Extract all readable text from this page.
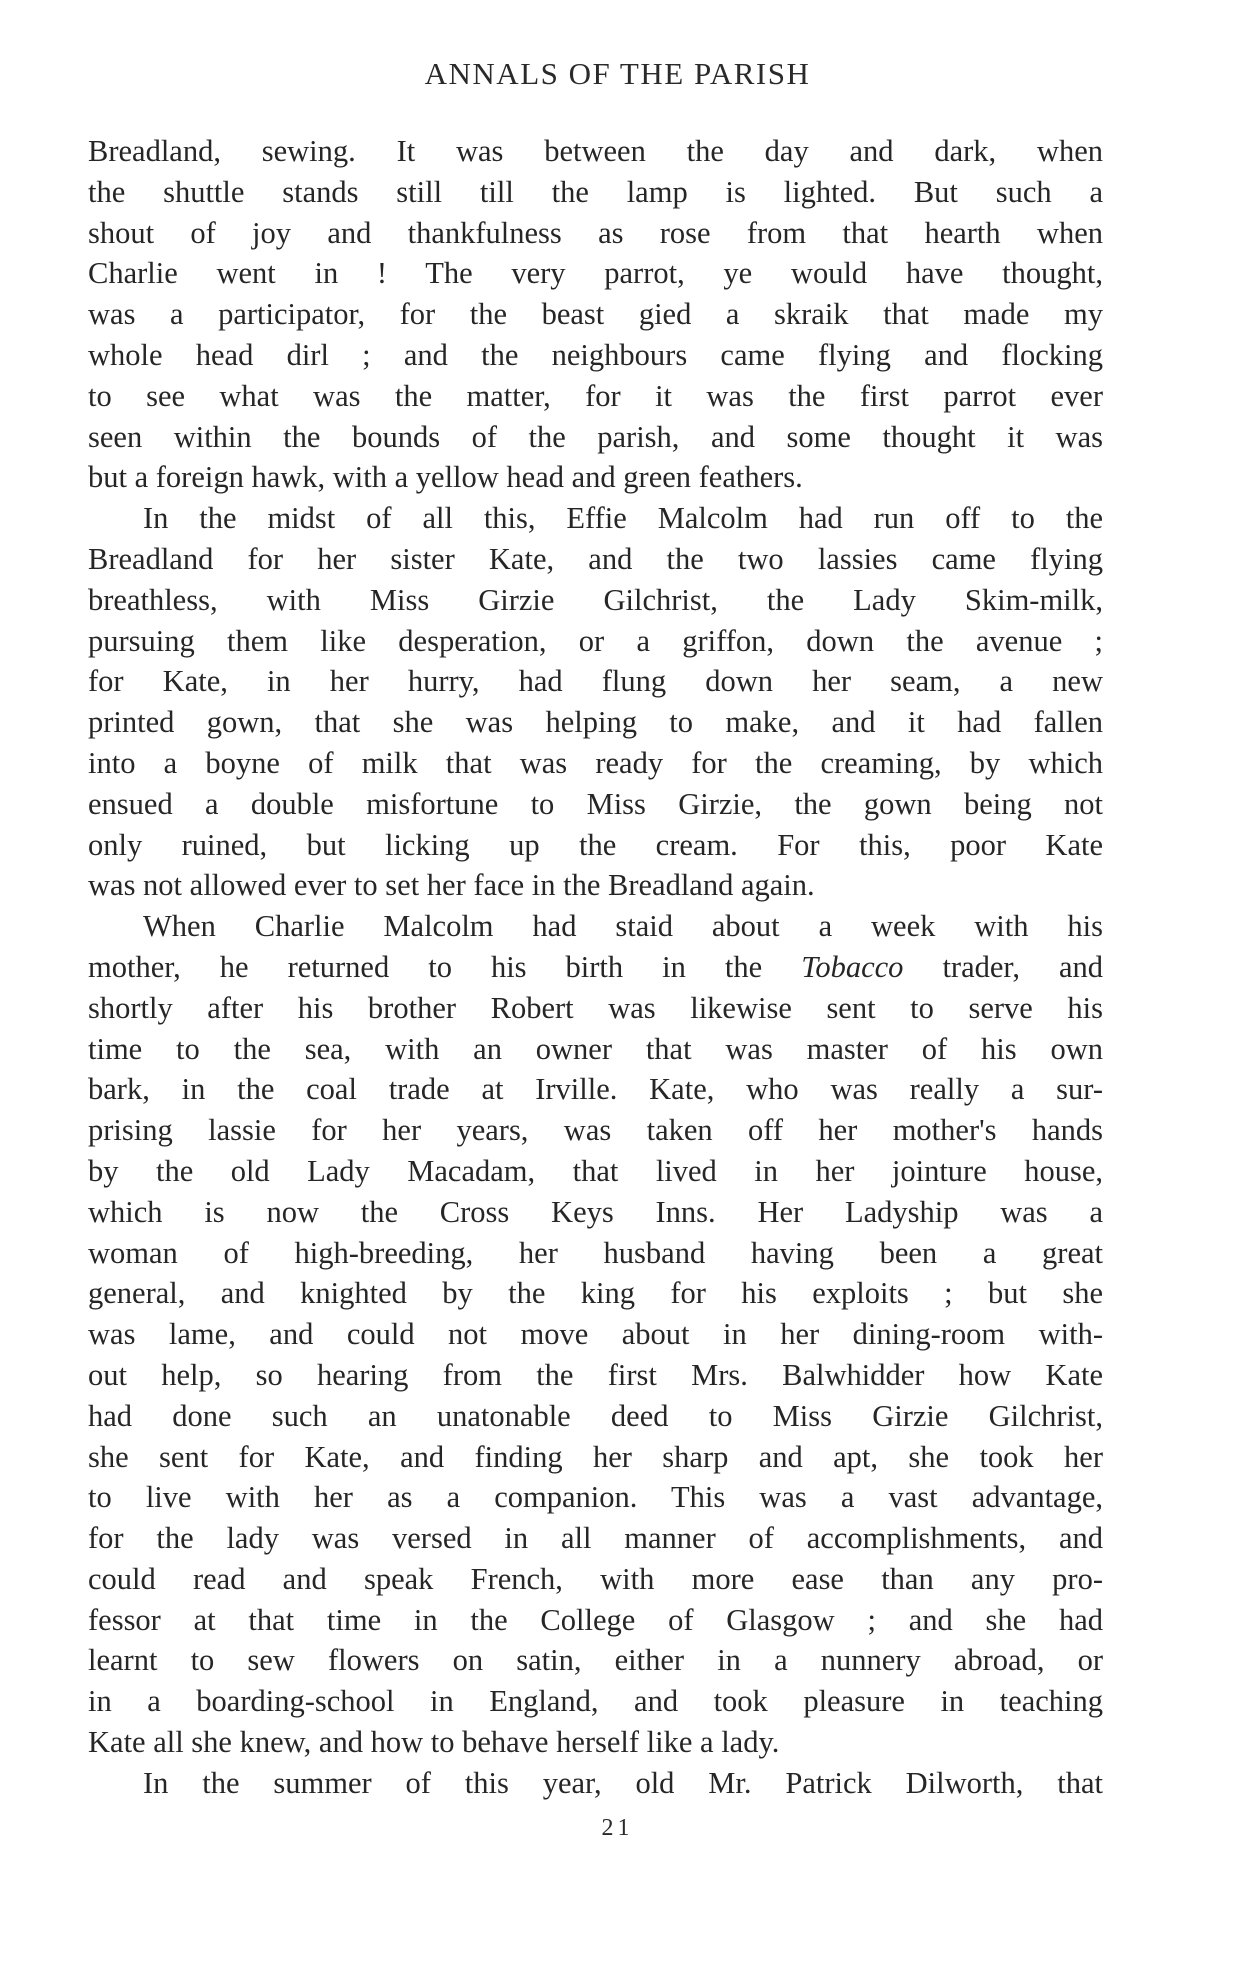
ANNALS OF THE PARISH
Breadland, sewing. It was between the day and dark, when
the shuttle stands still till the lamp is lighted. But such a
shout of joy and thankfulness as rose from that hearth when
Charlie went in ! The very parrot, ye would have thought,
was a participator, for the beast gied a skraik that made my
whole head dirl ; and the neighbours came flying and flocking
to see what was the matter, for it was the first parrot ever
seen within the bounds of the parish, and some thought it was
but a foreign hawk, with a yellow head and green feathers.
In the midst of all this, Effie Malcolm had run off to the
Breadland for her sister Kate, and the two lassies came flying
breathless, with Miss Girzie Gilchrist, the Lady Skim-milk,
pursuing them like desperation, or a griffon, down the avenue ;
for Kate, in her hurry, had flung down her seam, a new
printed gown, that she was helping to make, and it had fallen
into a boyne of milk that was ready for the creaming, by which
ensued a double misfortune to Miss Girzie, the gown being not
only ruined, but licking up the cream. For this, poor Kate
was not allowed ever to set her face in the Breadland again.
When Charlie Malcolm had staid about a week with his
mother, he returned to his birth in the Tobacco trader, and
shortly after his brother Robert was likewise sent to serve his
time to the sea, with an owner that was master of his own
bark, in the coal trade at Irville. Kate, who was really a sur-
prising lassie for her years, was taken off her mother's hands
by the old Lady Macadam, that lived in her jointure house,
which is now the Cross Keys Inns. Her Ladyship was a
woman of high-breeding, her husband having been a great
general, and knighted by the king for his exploits ; but she
was lame, and could not move about in her dining-room with-
out help, so hearing from the first Mrs. Balwhidder how Kate
had done such an unatonable deed to Miss Girzie Gilchrist,
she sent for Kate, and finding her sharp and apt, she took her
to live with her as a companion. This was a vast advantage,
for the lady was versed in all manner of accomplishments, and
could read and speak French, with more ease than any pro-
fessor at that time in the College of Glasgow ; and she had
learnt to sew flowers on satin, either in a nunnery abroad, or
in a boarding-school in England, and took pleasure in teaching
Kate all she knew, and how to behave herself like a lady.
In the summer of this year, old Mr. Patrick Dilworth, that
21
